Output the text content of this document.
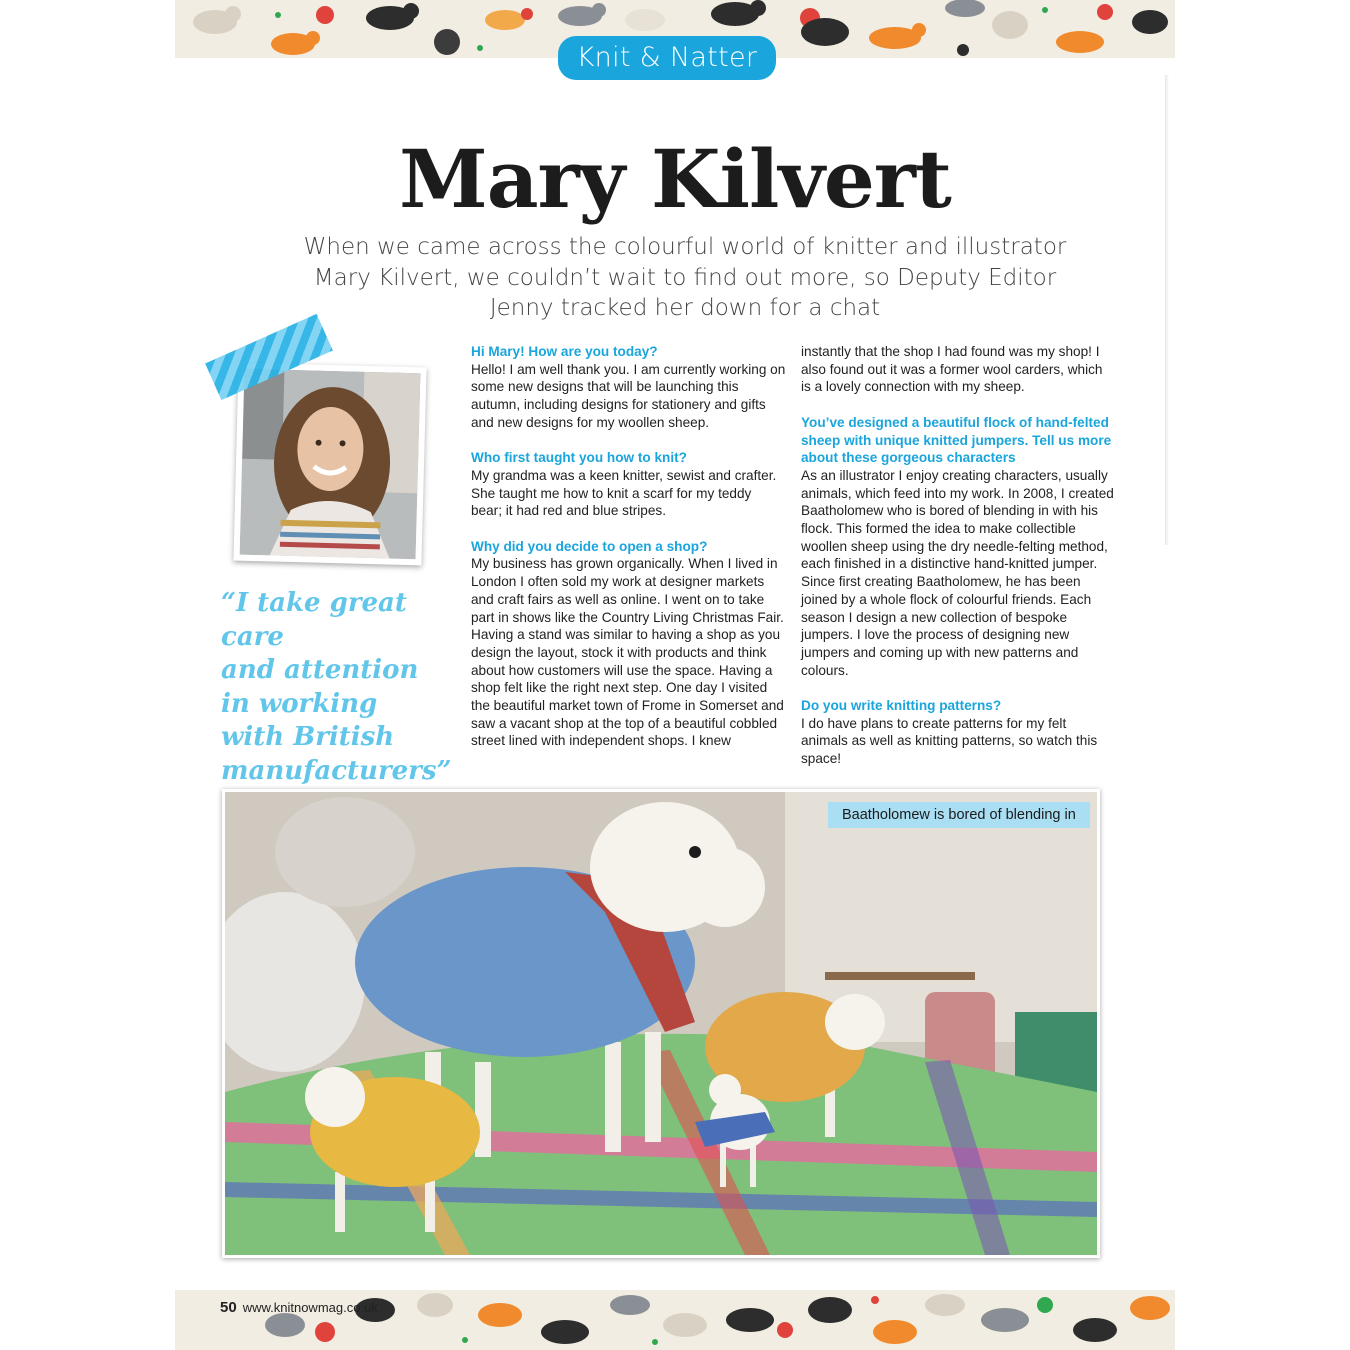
Knit & Natter with
Mary Kilvert
When we came across the colourful world of knitter and illustrator Mary Kilvert, we couldn’t wait to find out more, so Deputy Editor Jenny tracked her down for a chat
“I take great care
and attention
in working
with British
manufacturers”

Hi Mary! How are you today?

Hello! I am well thank you. I am currently working on some new designs that will be launching this autumn, including designs for stationery and gifts and new designs for my woollen sheep.

Who first taught you how to knit?

My grandma was a keen knitter, sewist and crafter. She taught me how to knit a scarf for my teddy bear; it had red and blue stripes.

Why did you decide to open a shop?

My business has grown organically. When I lived in London I often sold my work at designer markets and craft fairs as well as online. I went on to take part in shows like the Country Living Christmas Fair. Having a stand was similar to having a shop as you design the layout, stock it with products and think about how customers will use the space. Having a shop felt like the right next step. One day I visited the beautiful market town of Frome in Somerset and saw a vacant shop at the top of a beautiful cobbled street lined with independent shops. I knew

instantly that the shop I had found was my shop! I also found out it was a former wool carders, which is a lovely connection with my sheep.

You’ve designed a beautiful flock of hand-felted sheep with unique knitted jumpers. Tell us more about these gorgeous characters

As an illustrator I enjoy creating characters, usually animals, which feed into my work. In 2008, I created Baatholomew who is bored of blending in with his flock. This formed the idea to make collectible woollen sheep using the dry needle-felting method, each finished in a distinctive hand-knitted jumper. Since first creating Baatholomew, he has been joined by a whole flock of colourful friends. Each season I design a new collection of bespoke jumpers. I love the process of designing new jumpers and coming up with new patterns and colours.

Do you write knitting patterns?

I do have plans to create patterns for my felt animals as well as knitting patterns, so watch this space!

Baatholomew is bored of blending in
50 www.knitnowmag.co.uk
